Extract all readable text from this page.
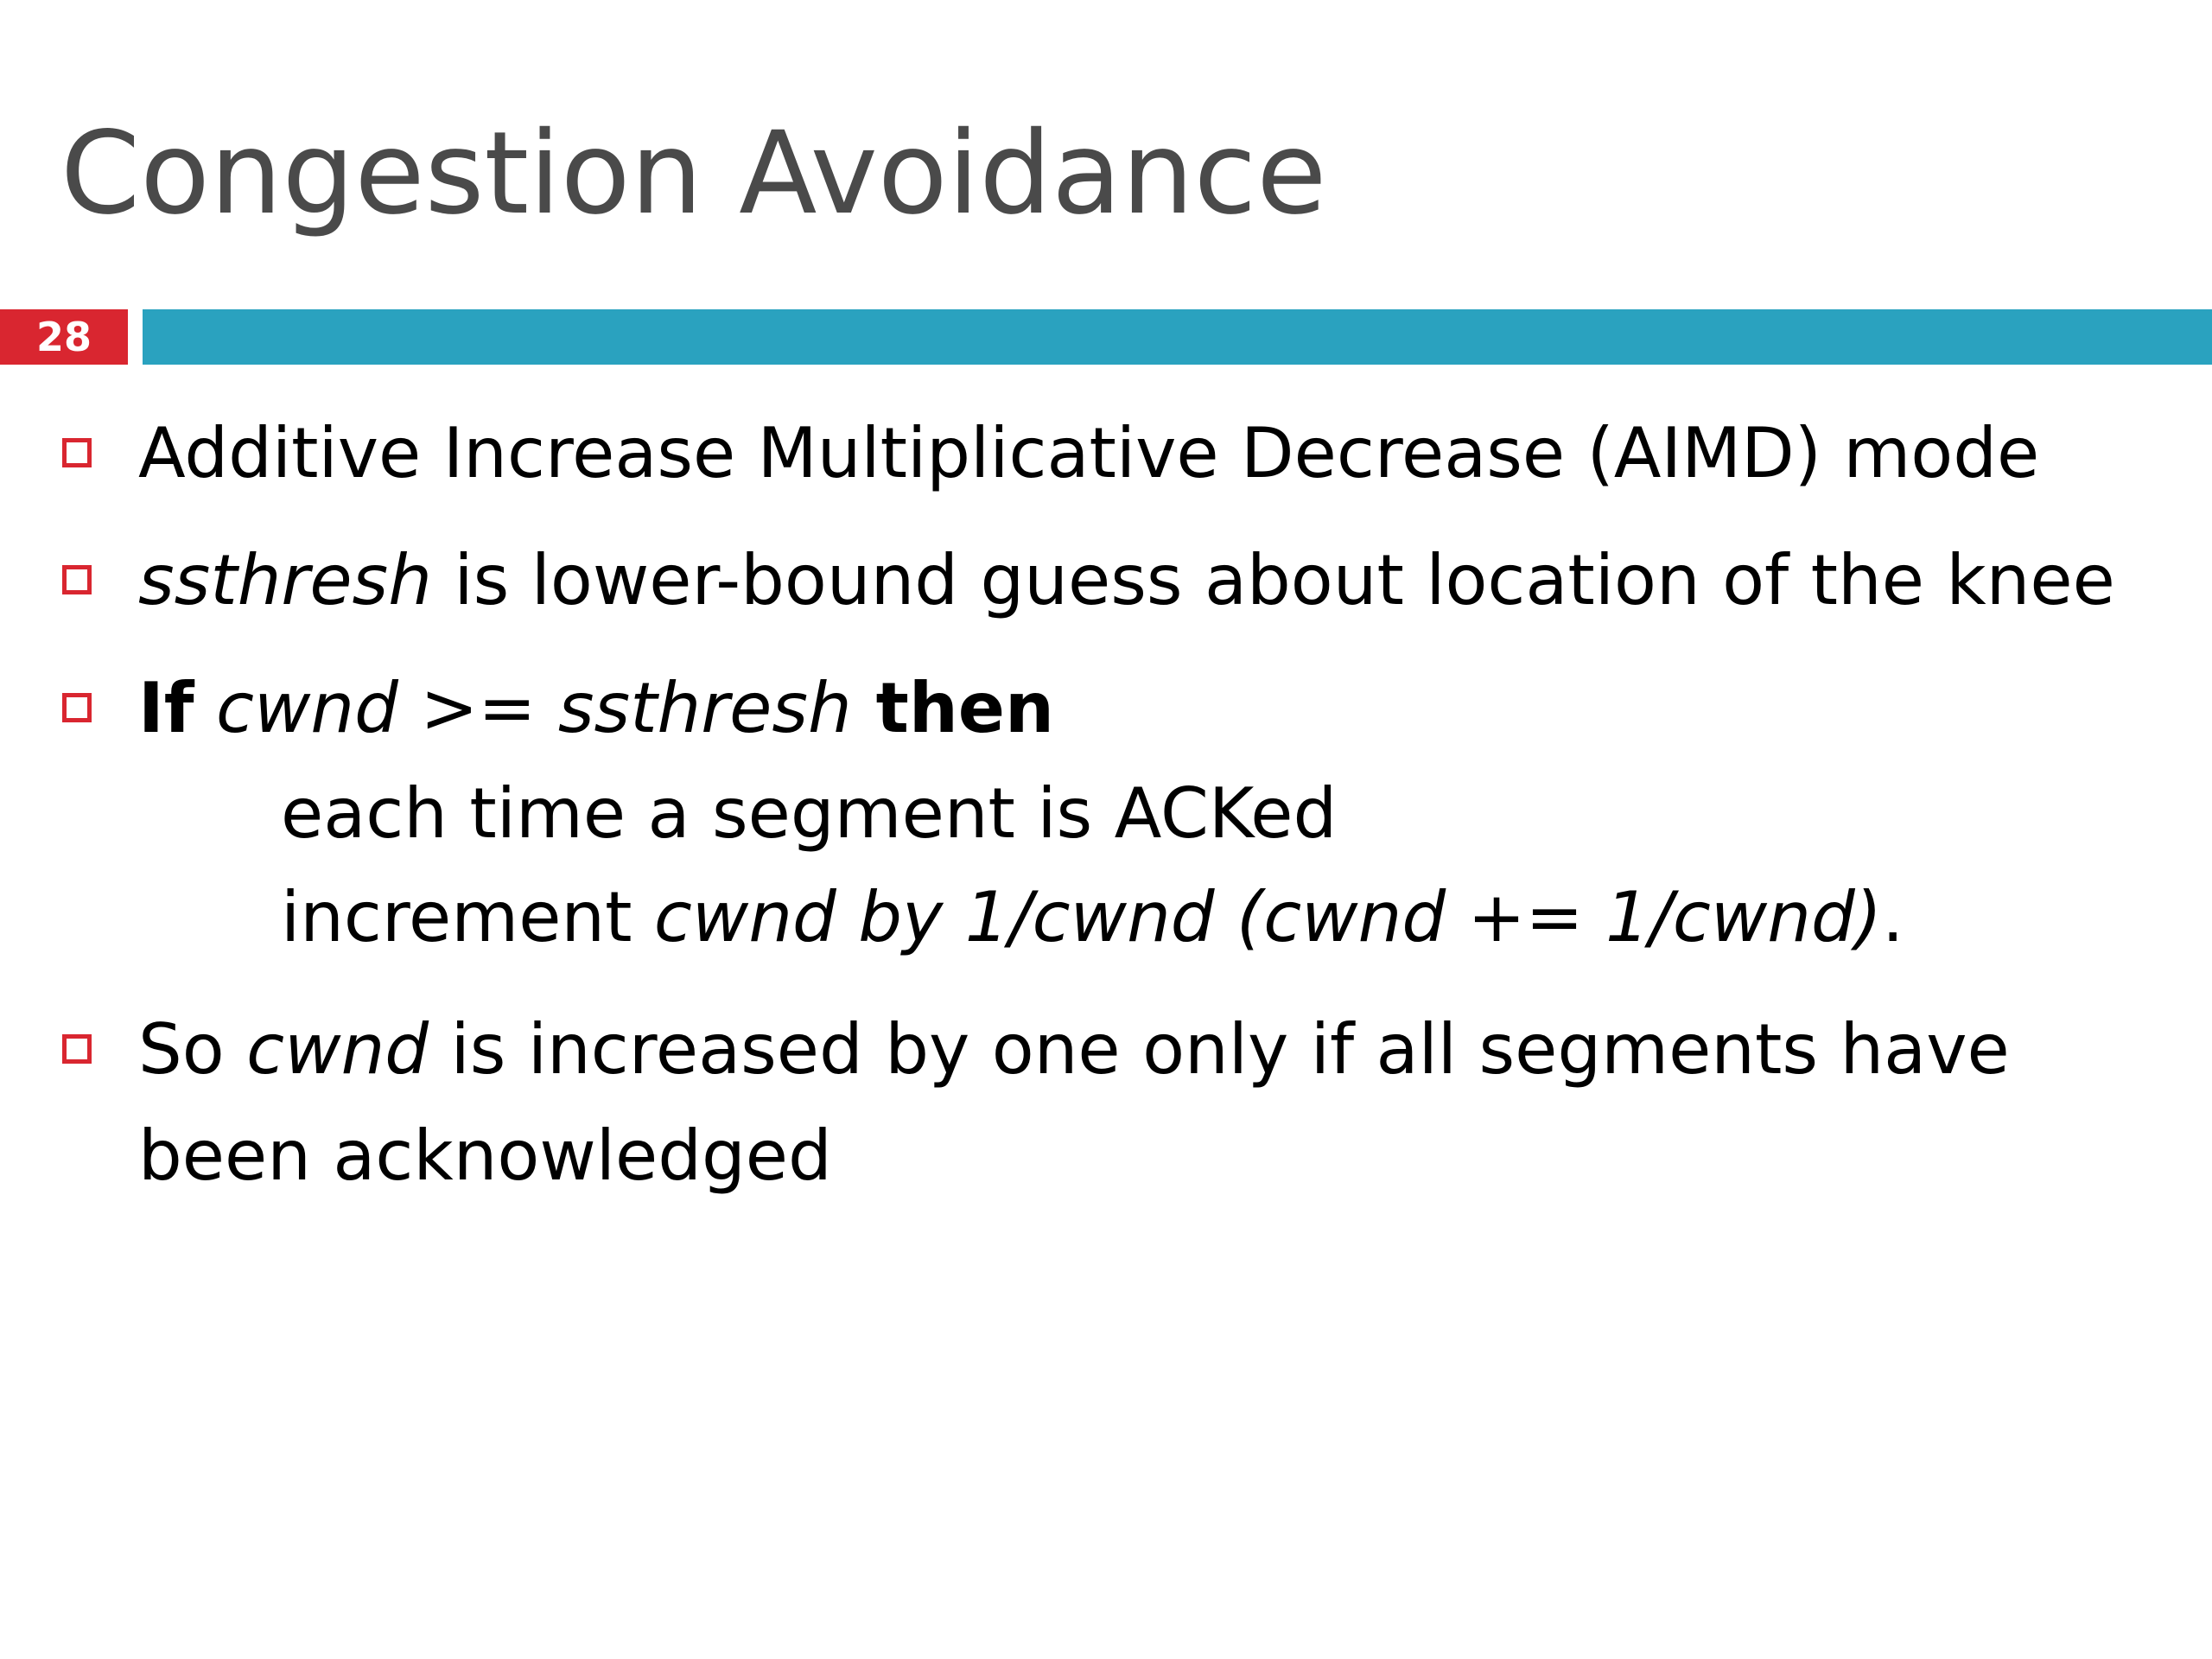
Congestion Avoidance
28
Additive Increase Multiplicative Decrease (AIMD) mode
ssthresh is lower-bound guess about location of the knee
If cwnd >= ssthresh then
each time a segment is ACKed
increment cwnd by 1/cwnd (cwnd += 1/cwnd).
So cwnd is increased by one only if all segments have
been acknowledged
